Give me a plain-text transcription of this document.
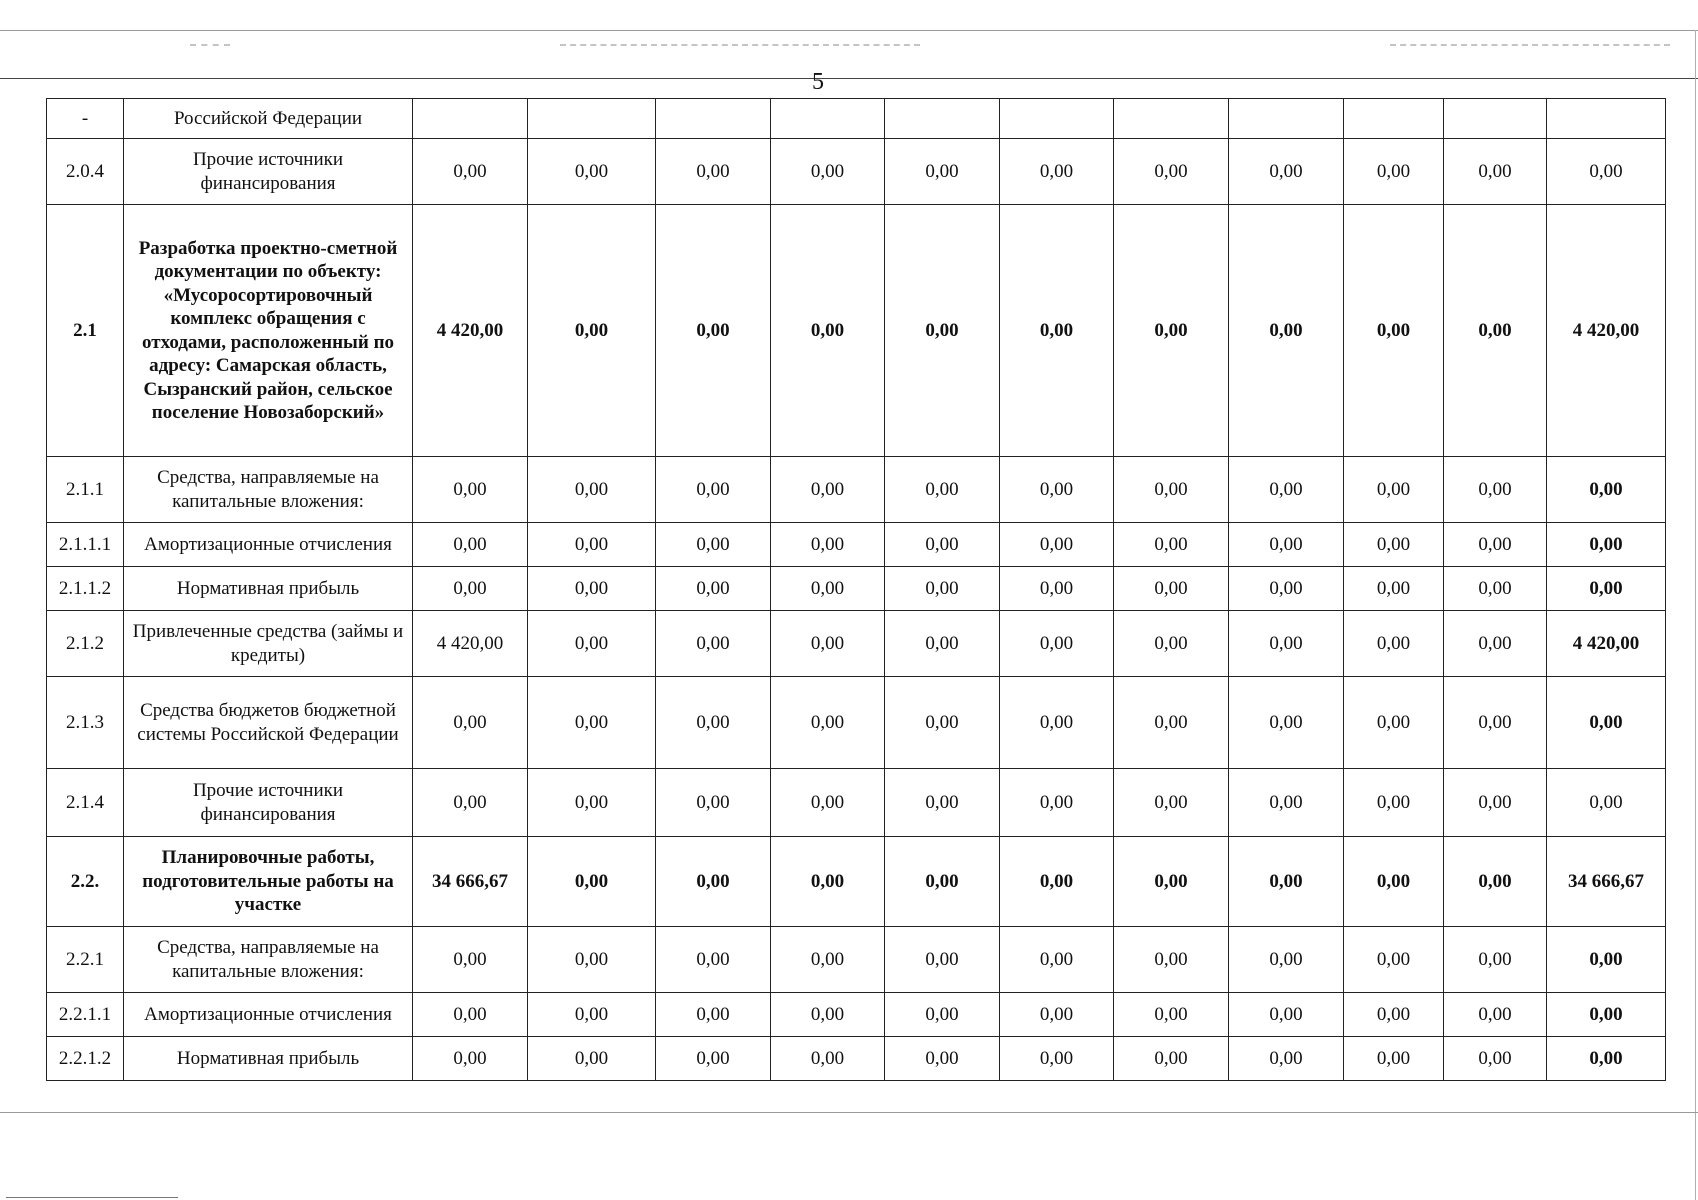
5
-	Российской Федерации											
2.0.4	Прочие источники финансирования	0,00	0,00	0,00	0,00	0,00	0,00	0,00	0,00	0,00	0,00	0,00
2.1	Разработка проектно-сметной документации по объекту: «Мусоросортировочный комплекс обращения с отходами, расположенный по адресу: Самарская область, Сызранский район, сельское поселение Новозаборский»	4 420,00	0,00	0,00	0,00	0,00	0,00	0,00	0,00	0,00	0,00	4 420,00
2.1.1	Средства, направляемые на капитальные вложения:	0,00	0,00	0,00	0,00	0,00	0,00	0,00	0,00	0,00	0,00	0,00
2.1.1.1	Амортизационные отчисления	0,00	0,00	0,00	0,00	0,00	0,00	0,00	0,00	0,00	0,00	0,00
2.1.1.2	Нормативная прибыль	0,00	0,00	0,00	0,00	0,00	0,00	0,00	0,00	0,00	0,00	0,00
2.1.2	Привлеченные средства (займы и кредиты)	4 420,00	0,00	0,00	0,00	0,00	0,00	0,00	0,00	0,00	0,00	4 420,00
2.1.3	Средства бюджетов бюджетной системы Российской Федерации	0,00	0,00	0,00	0,00	0,00	0,00	0,00	0,00	0,00	0,00	0,00
2.1.4	Прочие источники финансирования	0,00	0,00	0,00	0,00	0,00	0,00	0,00	0,00	0,00	0,00	0,00
2.2.	Планировочные работы, подготовительные работы на участке	34 666,67	0,00	0,00	0,00	0,00	0,00	0,00	0,00	0,00	0,00	34 666,67
2.2.1	Средства, направляемые на капитальные вложения:	0,00	0,00	0,00	0,00	0,00	0,00	0,00	0,00	0,00	0,00	0,00
2.2.1.1	Амортизационные отчисления	0,00	0,00	0,00	0,00	0,00	0,00	0,00	0,00	0,00	0,00	0,00
2.2.1.2	Нормативная прибыль	0,00	0,00	0,00	0,00	0,00	0,00	0,00	0,00	0,00	0,00	0,00
